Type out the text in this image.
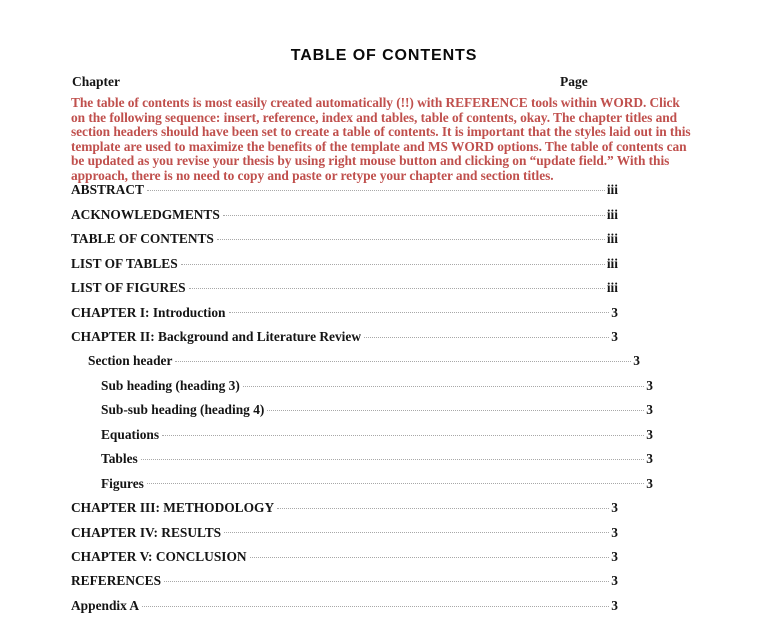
TABLE OF CONTENTS
Chapter	Page
The table of contents is most easily created automatically (!!) with REFERENCE tools within WORD. Click on the following sequence: insert, reference, index and tables, table of contents, okay. The chapter titles and section headers should have been set to create a table of contents. It is important that the styles laid out in this template are used to maximize the benefits of the template and MS WORD options. The table of contents can be updated as you revise your thesis by using right mouse button and clicking on “update field.” With this approach, there is no need to copy and paste or retype your chapter and section titles.
ABSTRACT	iii
ACKNOWLEDGMENTS	iii
TABLE OF CONTENTS	iii
LIST OF TABLES	iii
LIST OF FIGURES	iii
CHAPTER I: Introduction	3
CHAPTER II: Background and Literature Review	3
Section header	3
Sub heading (heading 3)	3
Sub-sub heading (heading 4)	3
Equations	3
Tables	3
Figures	3
CHAPTER III: METHODOLOGY	3
CHAPTER IV: RESULTS	3
CHAPTER V: CONCLUSION	3
REFERENCES	3
Appendix A	3
